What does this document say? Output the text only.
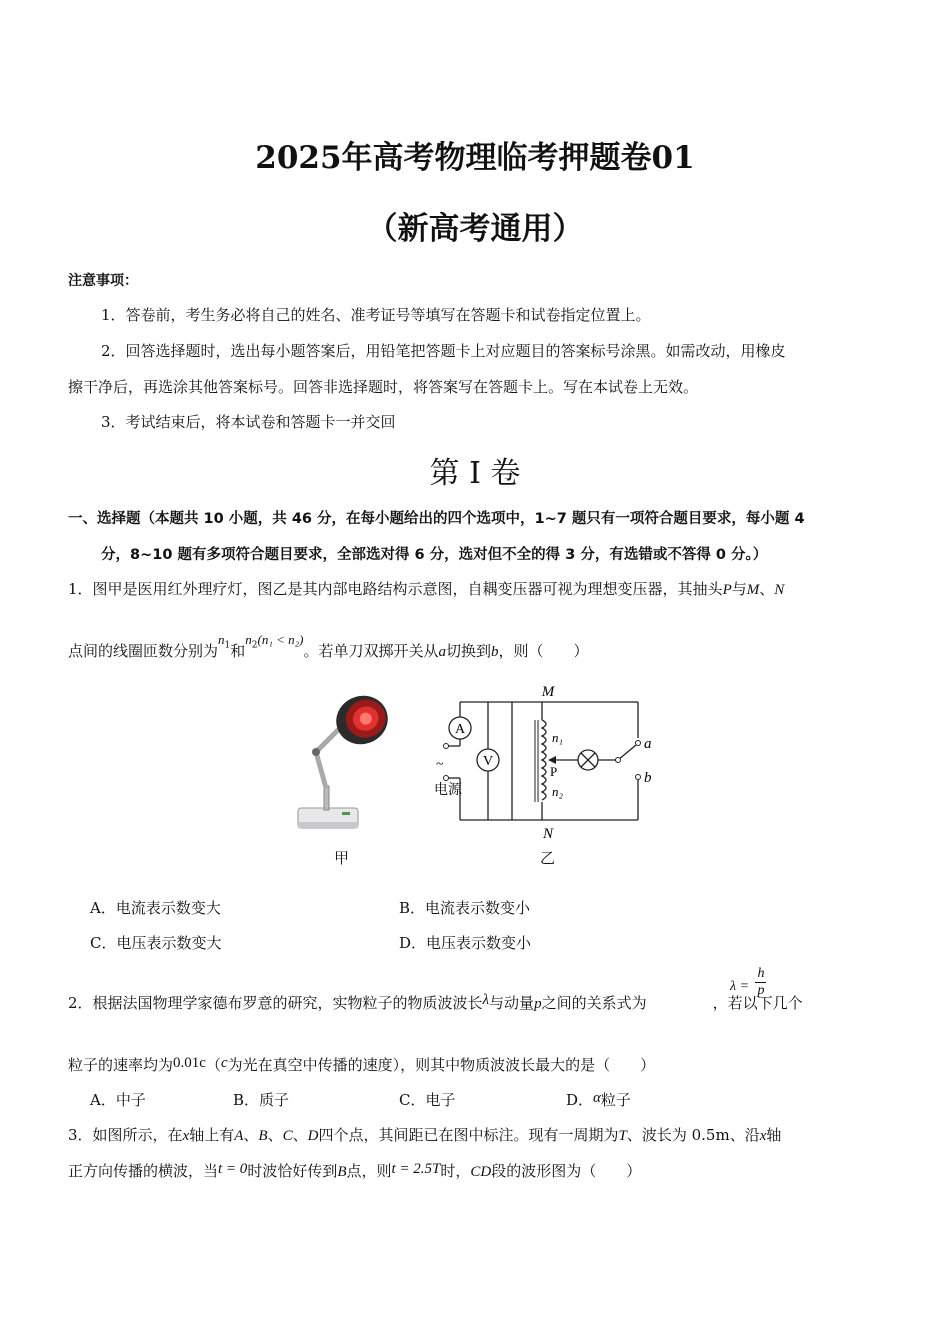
2025年高考物理临考押题卷01
（新高考通用）
注意事项：
1．答卷前，考生务必将自己的姓名、准考证号等填写在答题卡和试卷指定位置上。
2．回答选择题时，选出每小题答案后，用铅笔把答题卡上对应题目的答案标号涂黑。如需改动，用橡皮
擦干净后，再选涂其他答案标号。回答非选择题时，将答案写在答题卡上。写在本试卷上无效。
3．考试结束后，将本试卷和答题卡一并交回
第 I 卷
一、选择题（本题共 10 小题，共 46 分，在每小题给出的四个选项中，1~7 题只有一项符合题目要求，每小题 4
分，8~10 题有多项符合题目要求，全部选对得 6 分，选对但不全的得 3 分，有选错或不答得 0 分。）
1．图甲是医用红外理疗灯，图乙是其内部电路结构示意图，自耦变压器可视为理想变压器，其抽头P与M、N
点间的线圈匝数分别为$n_1$和$n_2(n_1 < n_2)$。若单刀双掷开关从a切换到b，则（　　）
甲
A
V
M
N
n₁
P
n₂
a
b
~
电源
乙
A．电流表示数变大	B．电流表示数变小
C．电压表示数变大	D．电压表示数变小
2．根据法国物理学家德布罗意的研究，实物粒子的物质波波长λ与动量p之间的关系式为	，若以下几个
$\lambda = \frac{h}{p}$
粒子的速率均为0.01c（c为光在真空中传播的速度），则其中物质波波长最大的是（　　）
A．中子	B．质子	C．电子	D．α粒子
3．如图所示，在x轴上有A、B、C、D四个点，其间距已在图中标注。现有一周期为T、波长为 0.5m、沿x轴
正方向传播的横波，当t = 0时波恰好传到B点，则t = 2.5T时，CD段的波形图为（　　）
